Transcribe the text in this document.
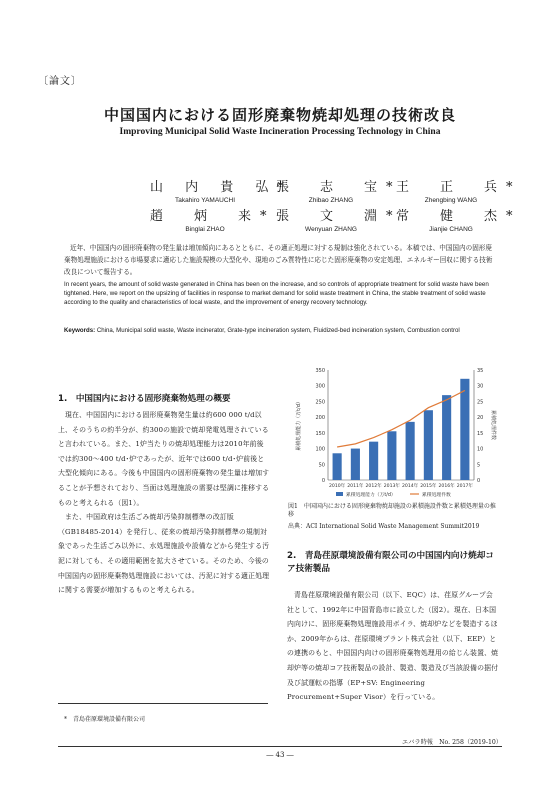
〔論文〕
中国国内における固形廃棄物焼却処理の技術改良
Improving Municipal Solid Waste Incineration Processing Technology in China
山 内 貴 弘*
Takahiro YAMAUCHI
張　志　宝*
Zhibao ZHANG
王　正　兵*
Zhengbing WANG
趙　炳　来*
Binglai ZHAO
張　文　淵*
Wenyuan ZHANG
常　健　杰*
Jianjie CHANG
近年、中国国内の固形廃棄物の発生量は増加傾向にあるとともに、その適正処理に対する規制は強化されている。本稿では、中国国内の固形廃棄物処理施設における市場要求に適応した施設規模の大型化や、現地のごみ質特性に応じた固形廃棄物の安定処理、エネルギー回収に関する技術改良について報告する。
In recent years, the amount of solid waste generated in China has been on the increase, and so controls of appropriate treatment for solid waste have been tightened. Here, we report on the upsizing of facilities in response to market demand for solid waste treatment in China, the stable treatment of solid waste according to the quality and characteristics of local waste, and the improvement of energy recovery technology.
Keywords: China, Municipal solid waste, Waste incinerator, Grate-type incineration system, Fluidized-bed incineration system, Combustion control
1.　中国国内における固形廃棄物処理の概要

現在、中国国内における固形廃棄物発生量は約600 000 t/d以上、そのうちの約半分が、約300の施設で焼却発電処理されていると言われている。また、1炉当たりの焼却処理能力は2010年前後では約300～400 t/d･炉であったが、近年では600 t/d･炉前後と大型化傾向にある。今後も中国国内の固形廃棄物の発生量は増加することが予想されており、当面は処理施設の需要は堅調に推移するものと考えられる（図1）。

また、中国政府は生活ごみ焼却汚染抑制標準の改訂版（GB18485-2014）を発行し、従来の焼却汚染抑制標準の規制対象であった生活ごみ以外に、水処理施設や設備などから発生する汚泥に対しても、その適用範囲を拡大させている。そのため、今後の中国国内の固形廃棄物処理施設においては、汚泥に対する適正処理に関する需要が増加するものと考えられる。

0
50
100
150
200
250
300
350
0
5
10
15
20
25
30
35
2010年 2011年 2012年 2013年 2014年 2015年 2016年 2017年
累積処理能力（万t/d）	累積処理件数
累積処理能力（万t/d）	累積処理件数
図1　中国国内における固形廃棄物焼却施設の累積施設件数と累積処理量の推移
出典：ACI International Solid Waste Management Summit2019
2.　青島荏原環境設備有限公司の中国国内向け焼却コア技術製品

青島荏原環境設備有限公司（以下、EQC）は、荏原グループ会社として、1992年に中国青島市に設立した（図2）。現在、日本国内向けに、固形廃棄物処理施設用ボイラ、焼却炉などを製造するほか、2009年からは、荏原環境プラント株式会社（以下、EEP）との連携のもと、中国国内向けの固形廃棄物処理用の給じん装置、焼却炉等の焼却コア技術製品の設計、製造、製造及び当該設備の据付及び試運転の指導（EP+SV: Engineering Procurement+Super Visor）を行っている。

*　青島荏原環境設備有限公司
エバラ時報　No. 258（2019-10）
― 43 ―
